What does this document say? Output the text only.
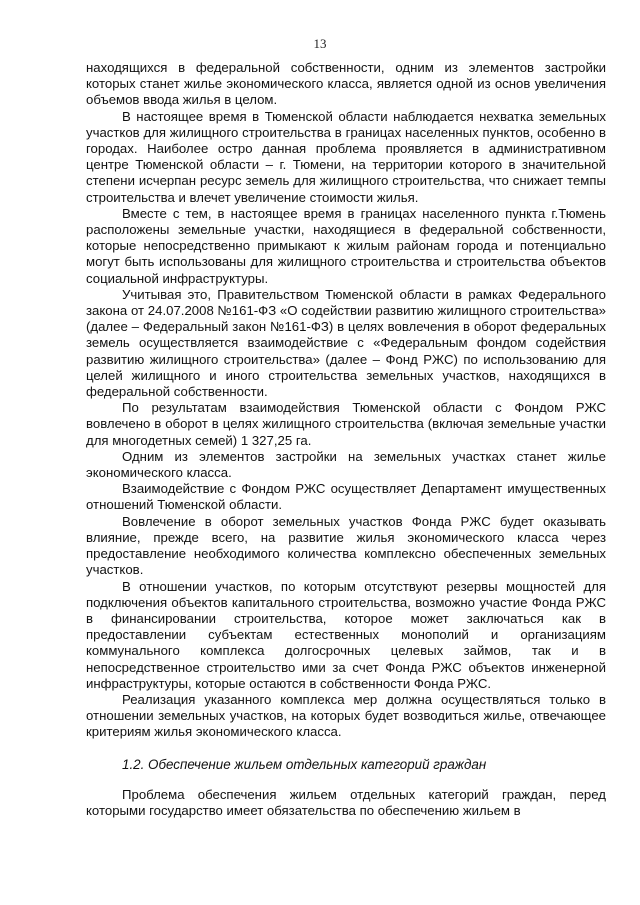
13

находящихся в федеральной собственности, одним из элементов застройки которых станет жилье экономического класса, является одной из основ увеличения объемов ввода жилья в целом.

В настоящее время в Тюменской области наблюдается нехватка земельных участков для жилищного строительства в границах населенных пунктов, особенно в городах. Наиболее остро данная проблема проявляется в административном центре Тюменской области – г. Тюмени, на территории которого в значительной степени исчерпан ресурс земель для жилищного строительства, что снижает темпы строительства и влечет увеличение стоимости жилья.

Вместе с тем, в настоящее время в границах населенного пункта г.Тюмень расположены земельные участки, находящиеся в федеральной собственности, которые непосредственно примыкают к жилым районам города и потенциально могут быть использованы для жилищного строительства и строительства объектов социальной инфраструктуры.

Учитывая это, Правительством Тюменской области в рамках Федерального закона от 24.07.2008 №161-ФЗ «О содействии развитию жилищного строительства» (далее – Федеральный закон №161-ФЗ) в целях вовлечения в оборот федеральных земель осуществляется взаимодействие с «Федеральным фондом содействия развитию жилищного строительства» (далее – Фонд РЖС) по использованию для целей жилищного и иного строительства земельных участков, находящихся в федеральной собственности.

По результатам взаимодействия Тюменской области с Фондом РЖС вовлечено в оборот в целях жилищного строительства (включая земельные участки для многодетных семей) 1 327,25 га.

Одним из элементов застройки на земельных участках станет жилье экономического класса.

Взаимодействие с Фондом РЖС осуществляет Департамент имущественных отношений Тюменской области.

Вовлечение в оборот земельных участков Фонда РЖС будет оказывать влияние, прежде всего, на развитие жилья экономического класса через предоставление необходимого количества комплексно обеспеченных земельных участков.

В отношении участков, по которым отсутствуют резервы мощностей для подключения объектов капитального строительства, возможно участие Фонда РЖС в финансировании строительства, которое может заключаться как в предоставлении субъектам естественных монополий и организациям коммунального комплекса долгосрочных целевых займов, так и в непосредственное строительство ими за счет Фонда РЖС объектов инженерной инфраструктуры, которые остаются в собственности Фонда РЖС.

Реализация указанного комплекса мер должна осуществляться только в отношении земельных участков, на которых будет возводиться жилье, отвечающее критериям жилья экономического класса.

1.2. Обеспечение жильем отдельных категорий граждан

Проблема обеспечения жильем отдельных категорий граждан, перед которыми государство имеет обязательства по обеспечению жильем в
